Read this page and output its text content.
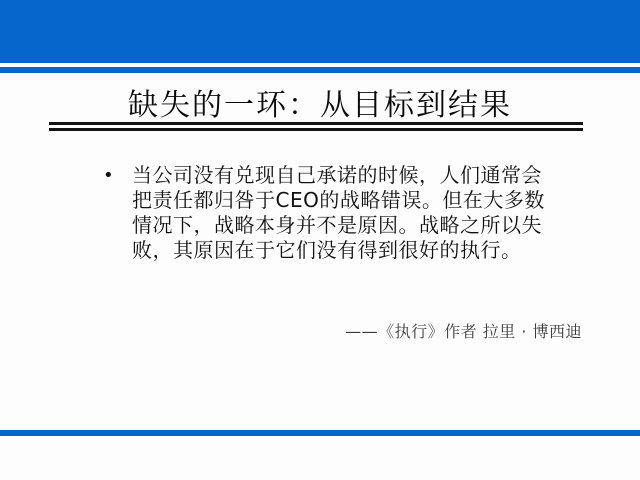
缺失的一环：从目标到结果
• 当公司没有兑现自己承诺的时候，人们通常会
把责任都归咎于CEO的战略错误。但在大多数
情况下，战略本身并不是原因。战略之所以失
败，其原因在于它们没有得到很好的执行。
——《执行》作者 拉里 · 博西迪
